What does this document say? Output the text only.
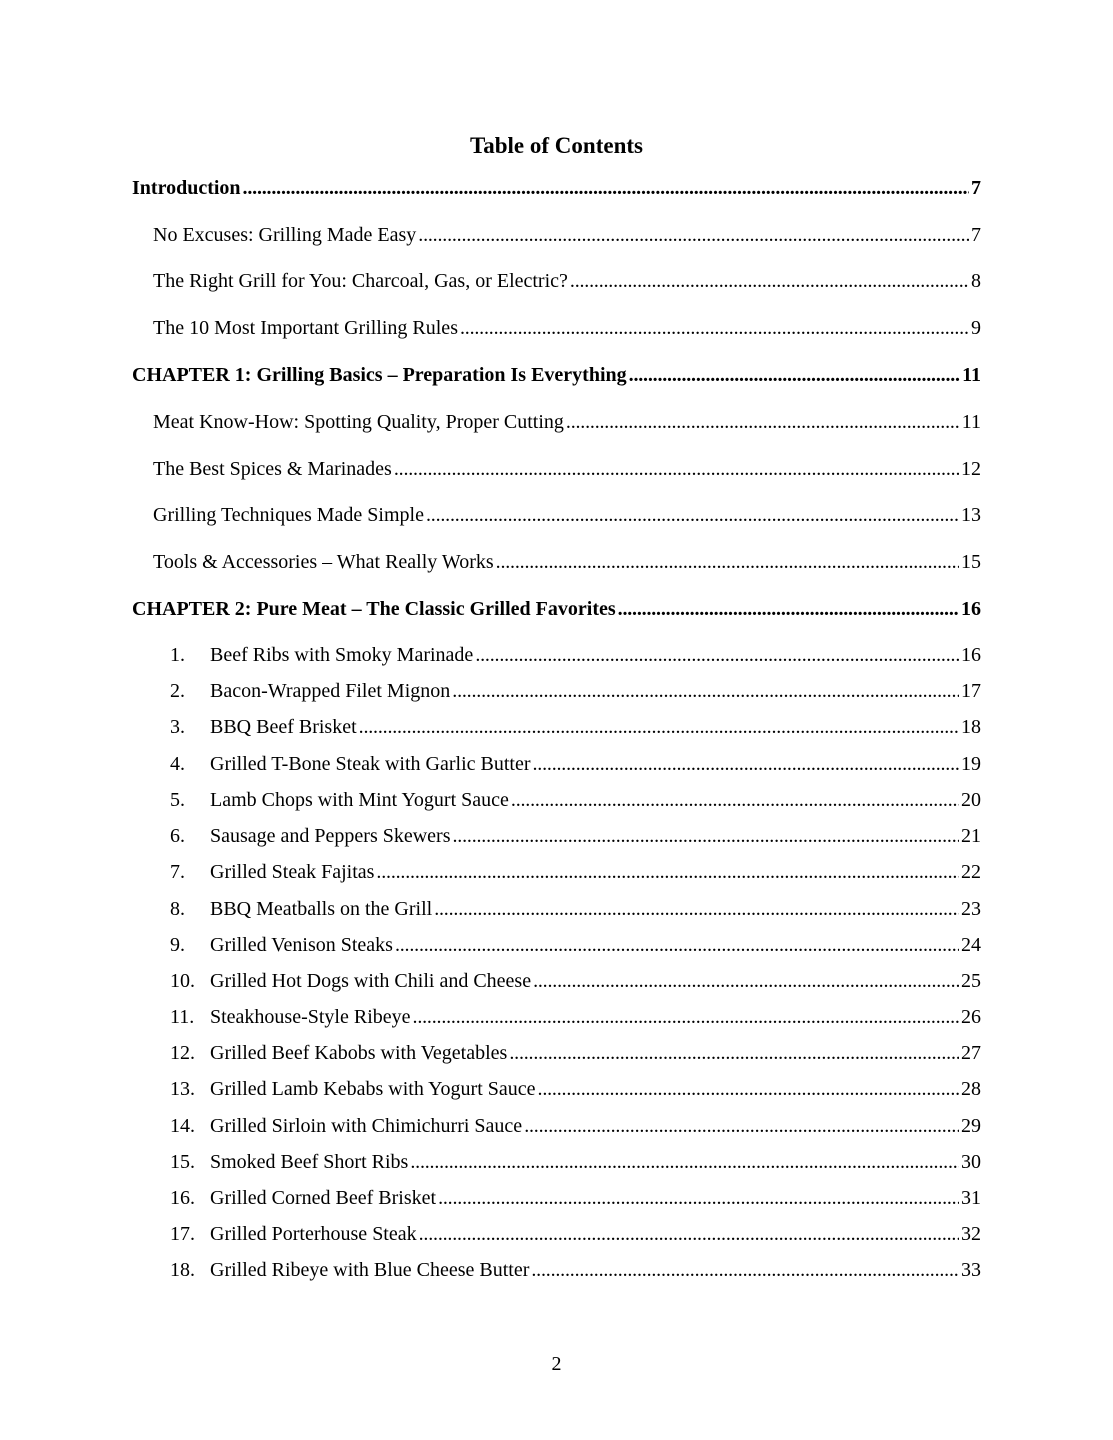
Table of Contents
Introduction . . .	7
No Excuses: Grilling Made Easy . . .	7
The Right Grill for You: Charcoal, Gas, or Electric? . . .	8
The 10 Most Important Grilling Rules . . .	9
CHAPTER 1: Grilling Basics – Preparation Is Everything . . .	11
Meat Know-How: Spotting Quality, Proper Cutting . . .	11
The Best Spices & Marinades . . .	12
Grilling Techniques Made Simple . . .	13
Tools & Accessories – What Really Works . . .	15
CHAPTER 2: Pure Meat – The Classic Grilled Favorites . . .	16
1.	Beef Ribs with Smoky Marinade . . .	16
2.	Bacon-Wrapped Filet Mignon . . .	17
3.	BBQ Beef Brisket . . .	18
4.	Grilled T-Bone Steak with Garlic Butter . . .	19
5.	Lamb Chops with Mint Yogurt Sauce . . .	20
6.	Sausage and Peppers Skewers . . .	21
7.	Grilled Steak Fajitas . . .	22
8.	BBQ Meatballs on the Grill . . .	23
9.	Grilled Venison Steaks . . .	24
10. Grilled Hot Dogs with Chili and Cheese . . .	25
11. Steakhouse-Style Ribeye . . .	26
12. Grilled Beef Kabobs with Vegetables . . .	27
13. Grilled Lamb Kebabs with Yogurt Sauce . . .	28
14. Grilled Sirloin with Chimichurri Sauce . . .	29
15. Smoked Beef Short Ribs . . .	30
16. Grilled Corned Beef Brisket . . .	31
17. Grilled Porterhouse Steak . . .	32
18. Grilled Ribeye with Blue Cheese Butter . . .	33
2
